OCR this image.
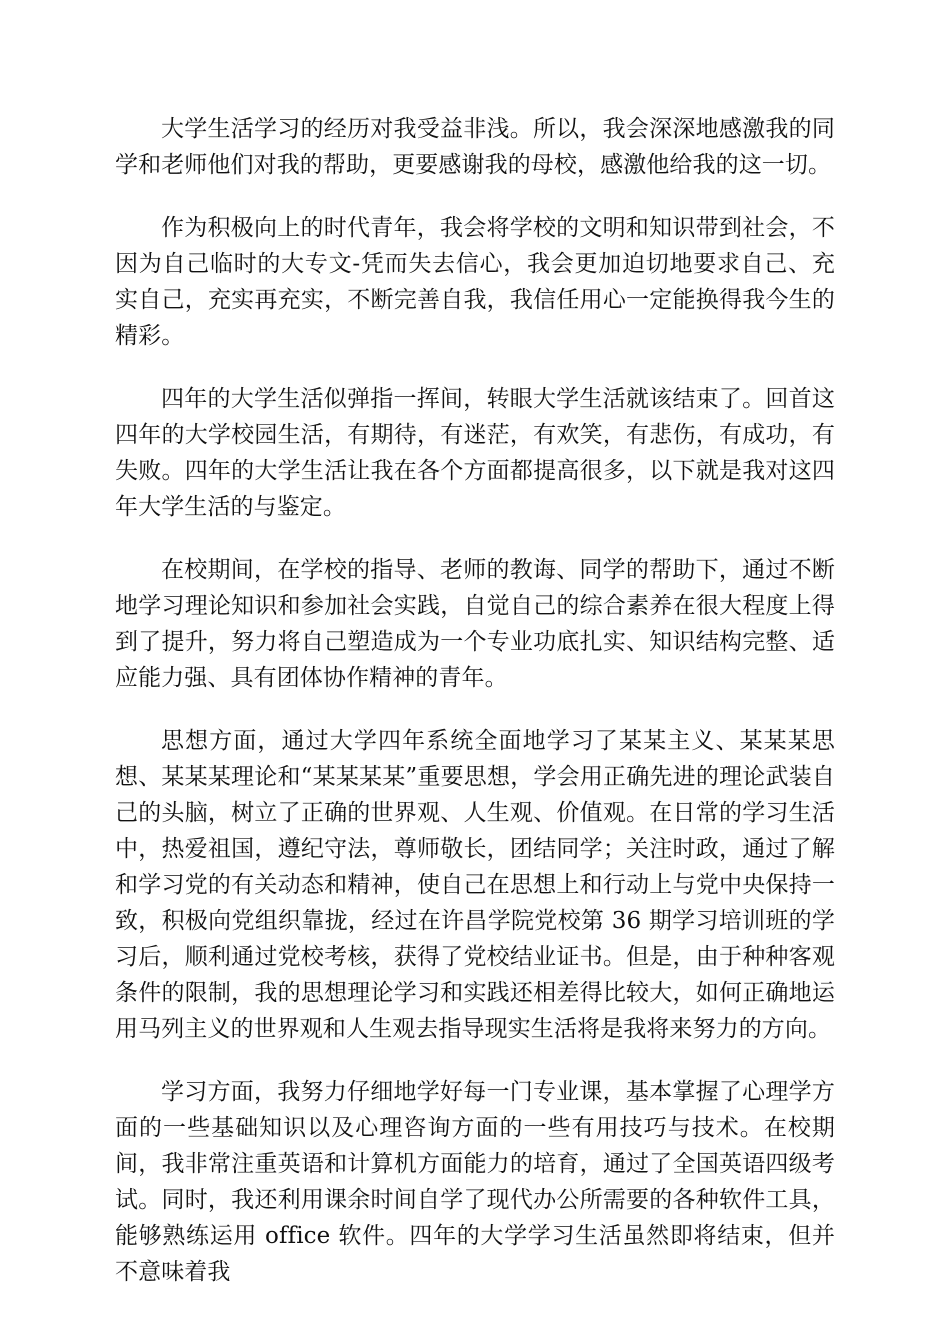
大学生活学习的经历对我受益非浅。所以，我会深深地感激我的同学和老师他们对我的帮助，更要感谢我的母校，感激他给我的这一切。

作为积极向上的时代青年，我会将学校的文明和知识带到社会，不因为自己临时的大专文-凭而失去信心，我会更加迫切地要求自己、充实自己，充实再充实，不断完善自我，我信任用心一定能换得我今生的精彩。

四年的大学生活似弹指一挥间，转眼大学生活就该结束了。回首这四年的大学校园生活，有期待，有迷茫，有欢笑，有悲伤，有成功，有失败。四年的大学生活让我在各个方面都提高很多，以下就是我对这四年大学生活的与鉴定。

在校期间，在学校的指导、老师的教诲、同学的帮助下，通过不断地学习理论知识和参加社会实践，自觉自己的综合素养在很大程度上得到了提升，努力将自己塑造成为一个专业功底扎实、知识结构完整、适应能力强、具有团体协作精神的青年。

思想方面，通过大学四年系统全面地学习了某某主义、某某某思想、某某某理论和“某某某某”重要思想，学会用正确先进的理论武装自己的头脑，树立了正确的世界观、人生观、价值观。在日常的学习生活中，热爱祖国，遵纪守法，尊师敬长，团结同学；关注时政，通过了解和学习党的有关动态和精神，使自己在思想上和行动上与党中央保持一致，积极向党组织靠拢，经过在许昌学院党校第 36 期学习培训班的学习后，顺利通过党校考核，获得了党校结业证书。但是，由于种种客观条件的限制，我的思想理论学习和实践还相差得比较大，如何正确地运用马列主义的世界观和人生观去指导现实生活将是我将来努力的方向。

学习方面，我努力仔细地学好每一门专业课，基本掌握了心理学方面的一些基础知识以及心理咨询方面的一些有用技巧与技术。在校期间，我非常注重英语和计算机方面能力的培育，通过了全国英语四级考试。同时，我还利用课余时间自学了现代办公所需要的各种软件工具，能够熟练运用 office 软件。四年的大学学习生活虽然即将结束，但并不意味着我
